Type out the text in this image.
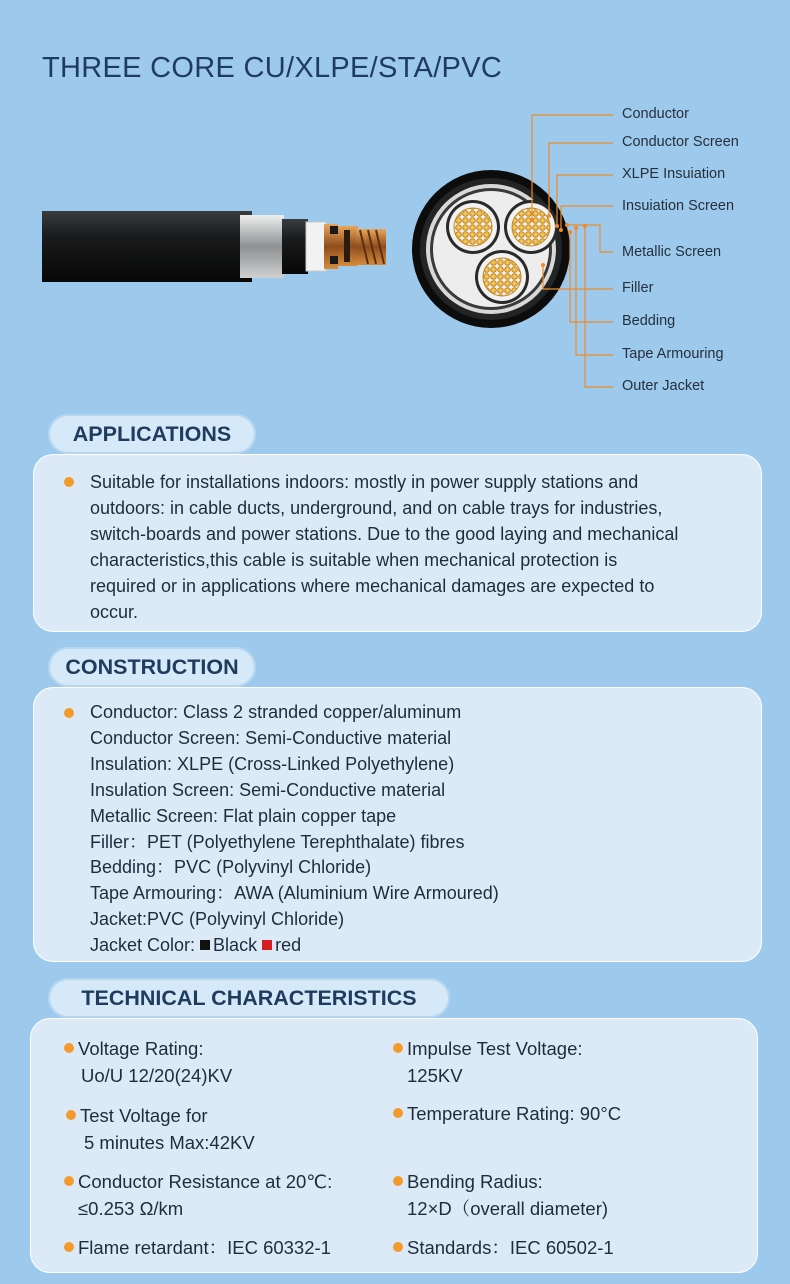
THREE CORE CU/XLPE/STA/PVC
Conductor
Conductor Screen
XLPE Insuiation
Insuiation Screen
Metallic Screen
Filler
Bedding
Tape Armouring
Outer Jacket
APPLICATIONS
Suitable for installations indoors: mostly in power supply stations and
outdoors: in cable ducts, underground, and on cable trays for industries,
switch-boards and power stations. Due to the good laying and mechanical
characteristics,this cable is suitable when mechanical protection is
required or in applications where mechanical damages are expected to
occur.
CONSTRUCTION
Conductor: Class 2 stranded copper/aluminum
Conductor Screen: Semi-Conductive material
Insulation: XLPE (Cross-Linked Polyethylene)
Insulation Screen: Semi-Conductive material
Metallic Screen: Flat plain copper tape
Filler：PET (Polyethylene Terephthalate) fibres
Bedding：PVC (Polyvinyl Chloride)
Tape Armouring：AWA (Aluminium Wire Armoured)
Jacket:PVC (Polyvinyl Chloride)
Jacket Color: Black red
TECHNICAL CHARACTERISTICS
Voltage Rating:
Uo/U 12/20(24)KV
Impulse Test Voltage:
125KV
Test Voltage for
5 minutes Max:42KV
Temperature Rating: 90°C
Conductor Resistance at 20℃:
≤0.253 Ω/km
Bending Radius:
12×D（overall diameter)
Flame retardant：IEC 60332-1	Standards：IEC 60502-1
